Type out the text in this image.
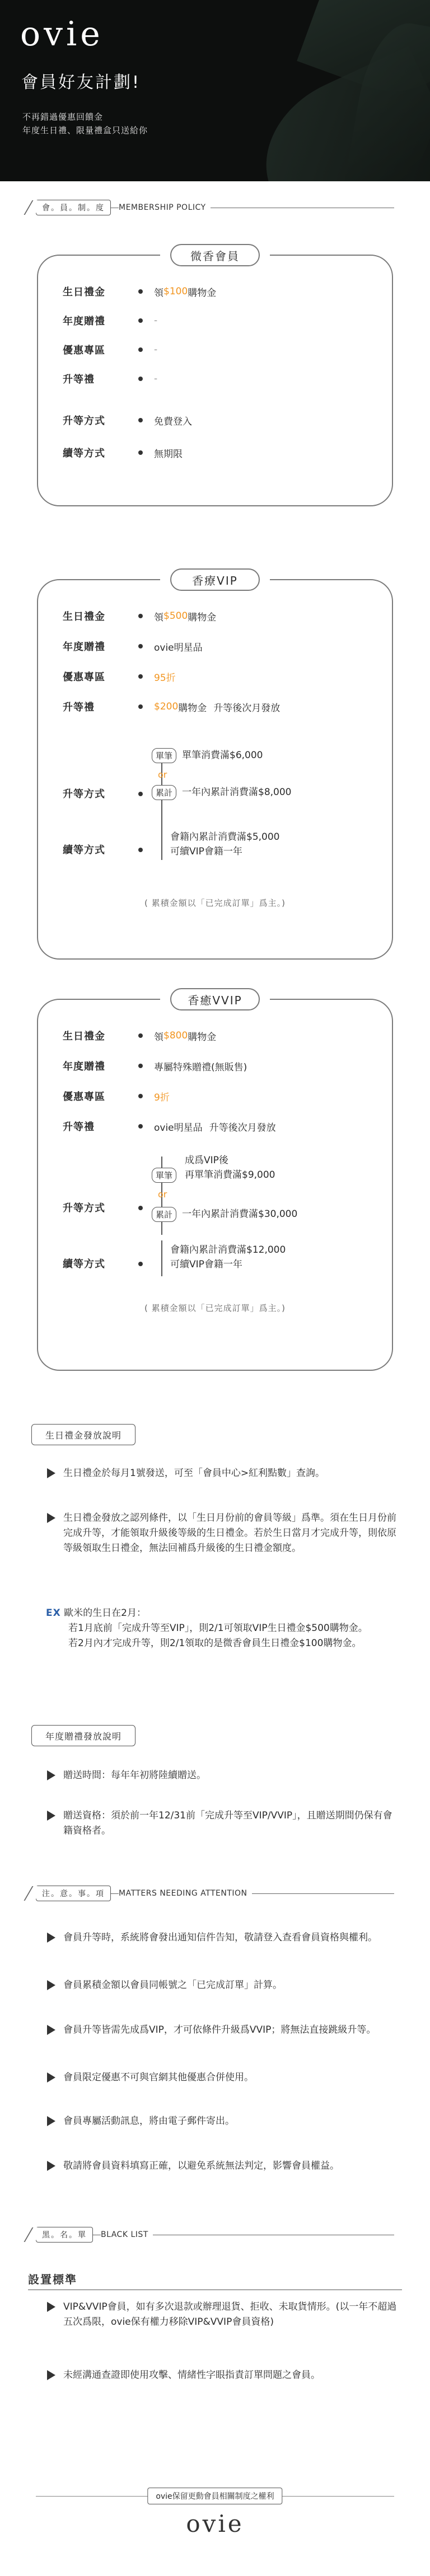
ovie
會員好友計劃!
不再錯過優惠回饋金
年度生日禮、限量禮盒只送給你
會。員。制。度	MEMBERSHIP POLICY
微香會員
生日禮金	領 $100 購物金
年度贈禮	-
優惠專區	-
升等禮	-
升等方式	免費登入
續等方式	無期限
香療VIP
生日禮金	領 $500 購物金
年度贈禮	ovie明星品
優惠專區	95折
升等禮	$200 購物金 升等後次月發放
升等方式
單筆	單筆消費滿$6,000
or
累計	一年內累計消費滿$8,000
續等方式
會籍內累計消費滿$5,000
可續VIP會籍一年
( 累積金額以「已完成訂單」爲主。)
香癒VVIP
生日禮金	領 $800 購物金
年度贈禮	專屬特殊贈禮(無販售)
優惠專區	9折
升等禮	ovie明星品 升等後次月發放
升等方式
單筆
成爲VIP後
再單筆消費滿$9,000
or
累計	一年內累計消費滿$30,000
續等方式
會籍內累計消費滿$12,000
可續VIP會籍一年
( 累積金額以「已完成訂單」爲主。)
生日禮金發放說明
生日禮金於每月1號發送，可至「會員中心>紅利點數」查詢。
生日禮金發放之認列條件，以「生日月份前的會員等級」爲準。須在生日月份前完成升等，才能領取升級後等級的生日禮金。若於生日當月才完成升等，則依原等級領取生日禮金，無法回補爲升級後的生日禮金額度。
EX 歐米的生日在2月：
若1月底前「完成升等至VIP」，則2/1可領取VIP生日禮金$500購物金。
若2月內才完成升等，則2/1領取的是微香會員生日禮金$100購物金。
年度贈禮發放說明
贈送時間：每年年初將陸續贈送。
贈送資格：須於前一年12/31前「完成升等至VIP/VVIP」，且贈送期間仍保有會籍資格者。
注。意。事。項	MATTERS NEEDING ATTENTION
會員升等時，系統將會發出通知信件告知，敬請登入查看會員資格與權利。
會員累積金額以會員同帳號之「已完成訂單」計算。
會員升等皆需先成爲VIP，才可依條件升級爲VVIP；將無法直接跳級升等。
會員限定優惠不可與官網其他優惠合併使用。
會員專屬活動訊息，將由電子郵件寄出。
敬請將會員資料填寫正確，以避免系統無法判定，影響會員權益。
黑。名。單	BLACK LIST
設置標準
VIP&VVIP會員，如有多次退款或辦理退貨、拒收、未取貨情形。(以一年不超過五次爲限，ovie保有權力移除VIP&VVIP會員資格)
未經溝通查證即使用攻擊、情緒性字眼指責訂單問題之會員。
ovie保留更動會員相關制度之權利
ovie
